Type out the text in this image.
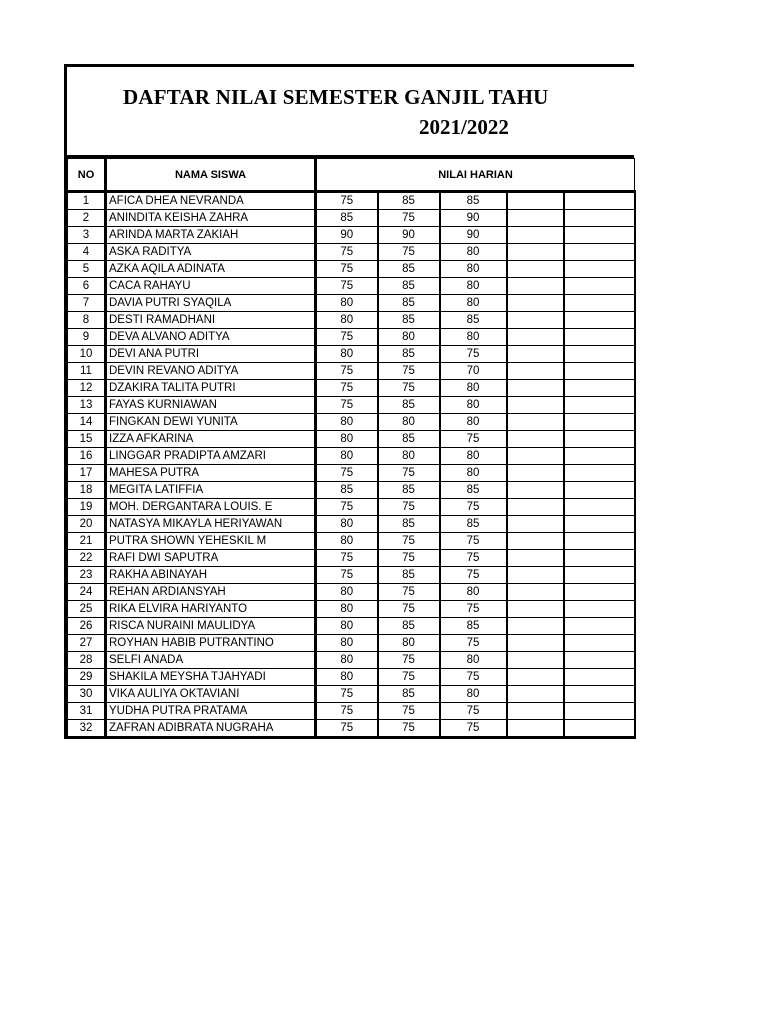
DAFTAR NILAI SEMESTER GANJIL TAHU
2021/2022
NO	NAMA SISWA	NILAI HARIAN				
1	AFICA DHEA NEVRANDA	75	85	85		
2	ANINDITA KEISHA ZAHRA	85	75	90		
3	ARINDA MARTA ZAKIAH	90	90	90		
4	ASKA RADITYA	75	75	80		
5	AZKA AQILA ADINATA	75	85	80		
6	CACA RAHAYU	75	85	80		
7	DAVIA PUTRI SYAQILA	80	85	80		
8	DESTI RAMADHANI	80	85	85		
9	DEVA ALVANO ADITYA	75	80	80		
10	DEVI ANA PUTRI	80	85	75		
11	DEVIN REVANO ADITYA	75	75	70		
12	DZAKIRA TALITA PUTRI	75	75	80		
13	FAYAS KURNIAWAN	75	85	80		
14	FINGKAN DEWI YUNITA	80	80	80		
15	IZZA AFKARINA	80	85	75		
16	LINGGAR PRADIPTA AMZARI	80	80	80		
17	MAHESA PUTRA	75	75	80		
18	MEGITA LATIFFIA	85	85	85		
19	MOH. DERGANTARA LOUIS. E	75	75	75		
20	NATASYA MIKAYLA HERIYAWAN	80	85	85		
21	PUTRA SHOWN YEHESKIL M	80	75	75		
22	RAFI DWI SAPUTRA	75	75	75		
23	RAKHA ABINAYAH	75	85	75		
24	REHAN ARDIANSYAH	80	75	80		
25	RIKA ELVIRA HARIYANTO	80	75	75		
26	RISCA NURAINI MAULIDYA	80	85	85		
27	ROYHAN HABIB PUTRANTINO	80	80	75		
28	SELFI ANADA	80	75	80		
29	SHAKILA MEYSHA TJAHYADI	80	75	75		
30	VIKA AULIYA OKTAVIANI	75	85	80		
31	YUDHA PUTRA PRATAMA	75	75	75		
32	ZAFRAN ADIBRATA NUGRAHA	75	75	75		
